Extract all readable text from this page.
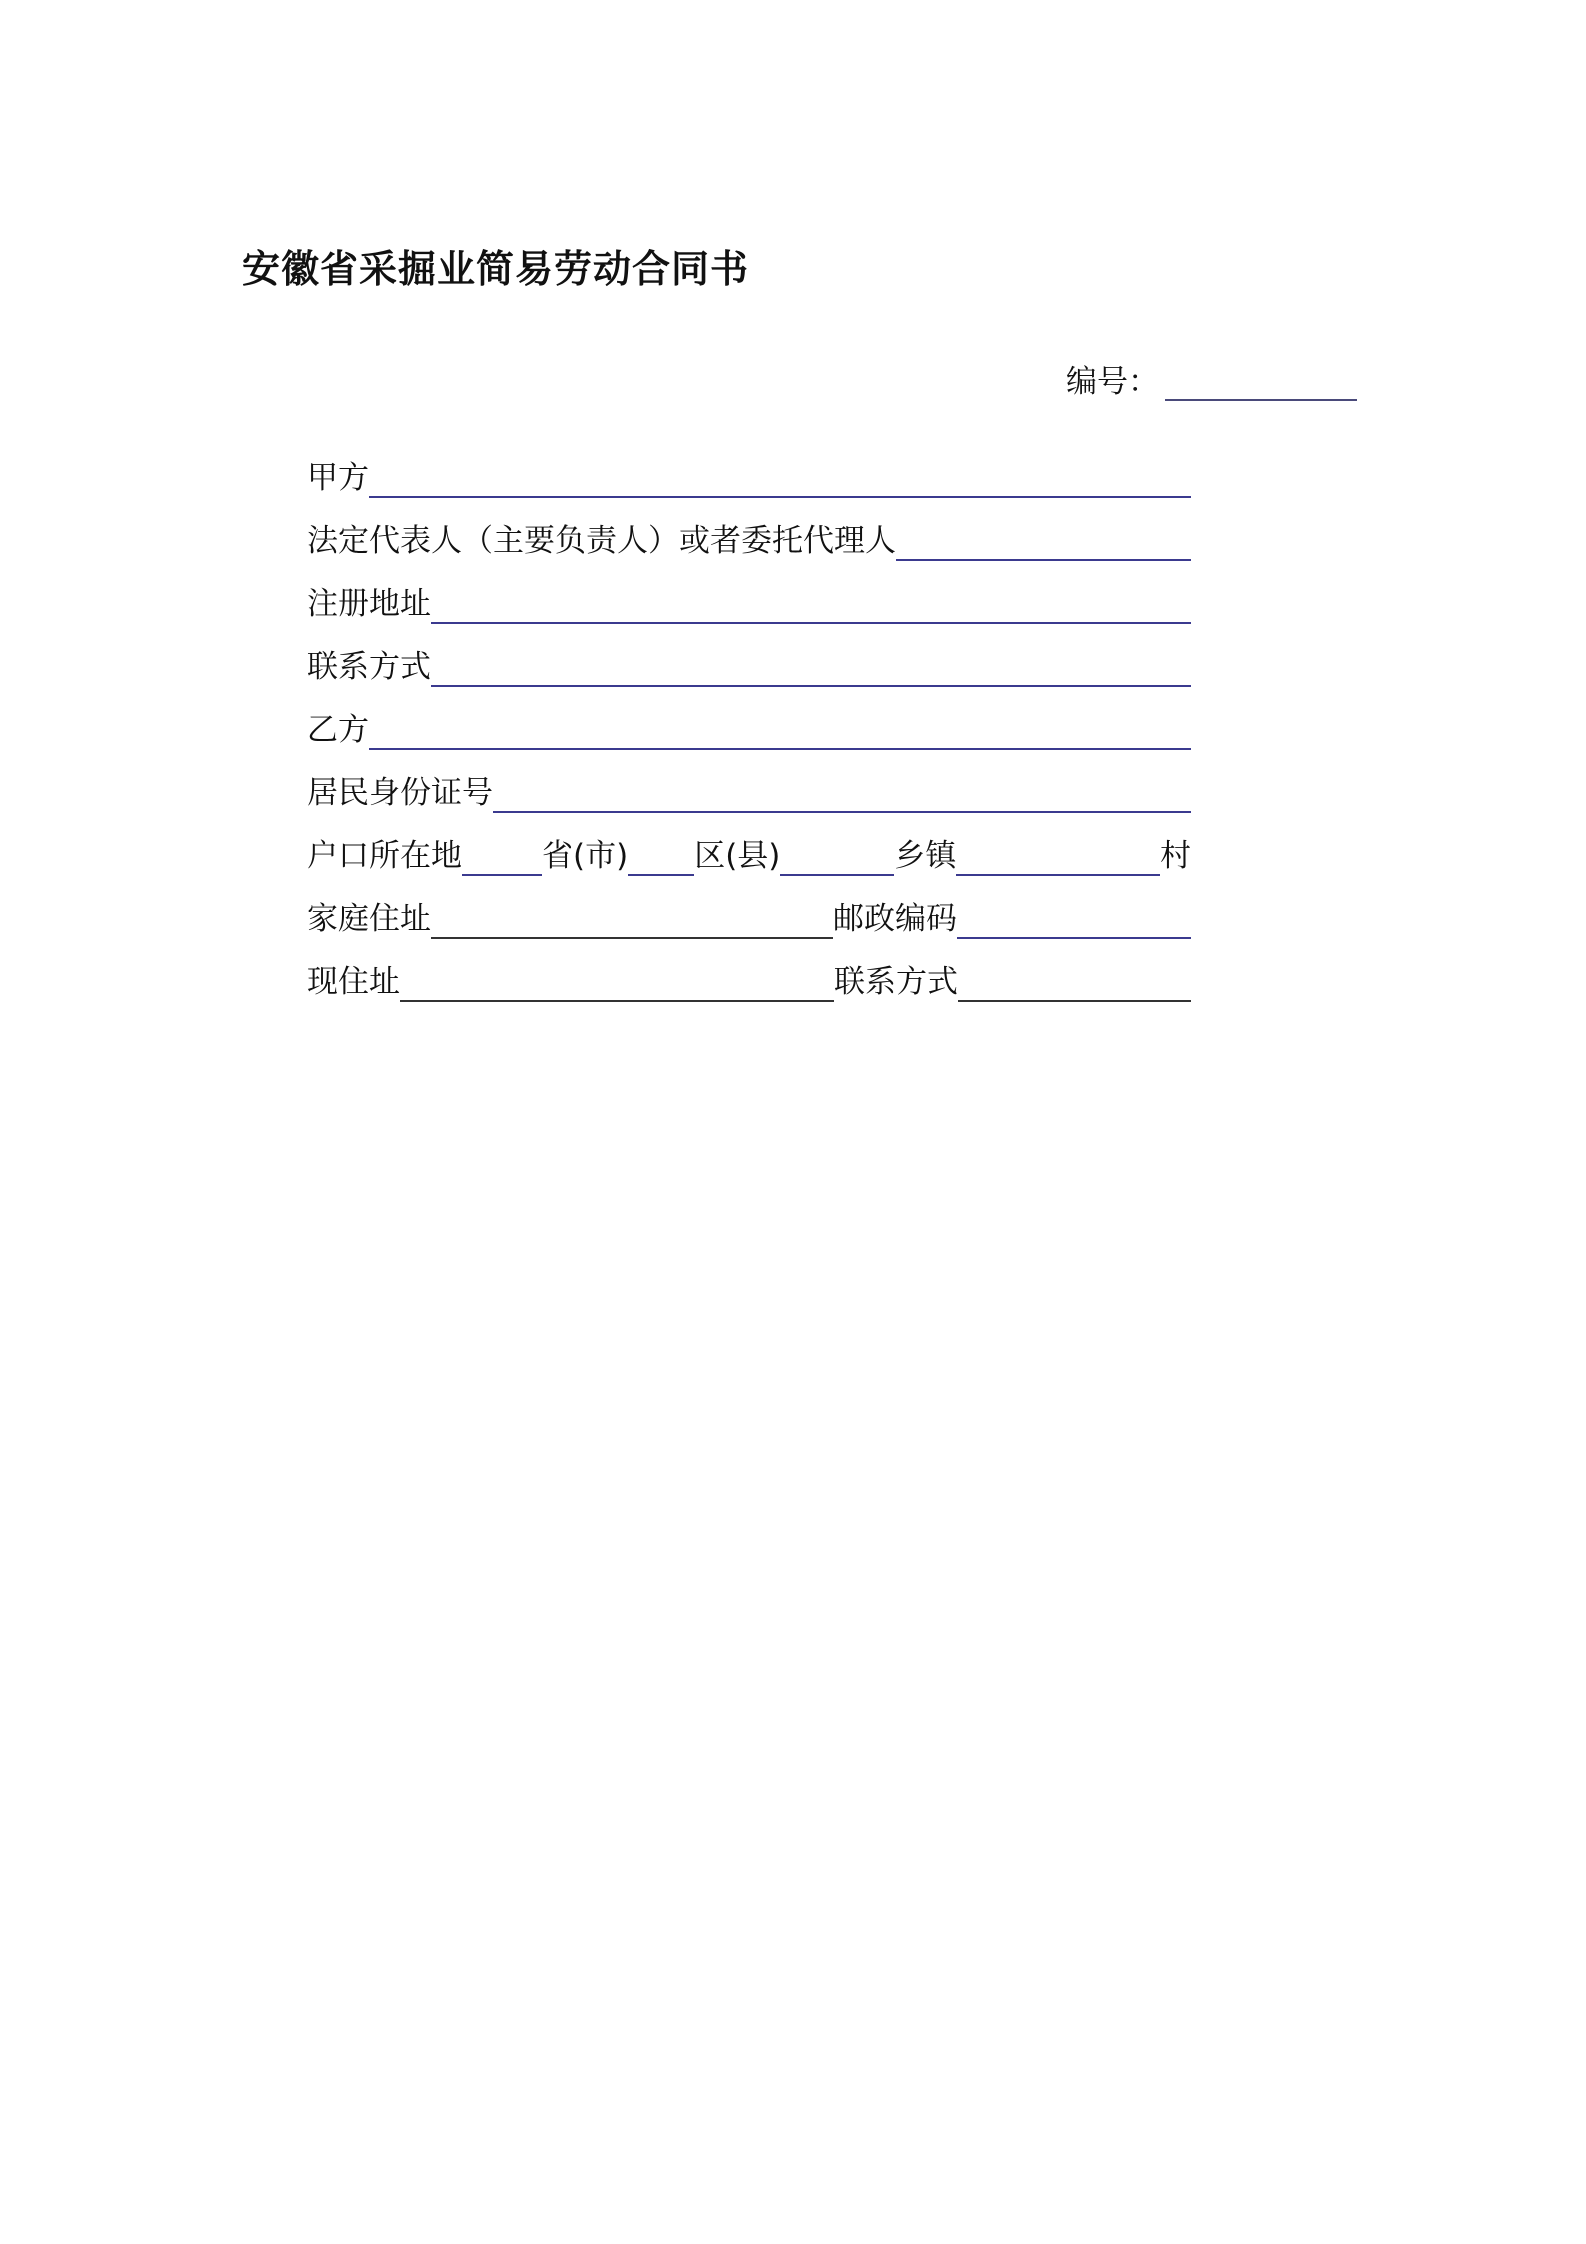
安徽省采掘业简易劳动合同书
编号：
甲方
法定代表人（主要负责人）或者委托代理人
注册地址
联系方式
乙方
居民身份证号
户口所在地	省(市) 区(县)	乡镇	村
家庭住址	邮政编码
现住址	联系方式
